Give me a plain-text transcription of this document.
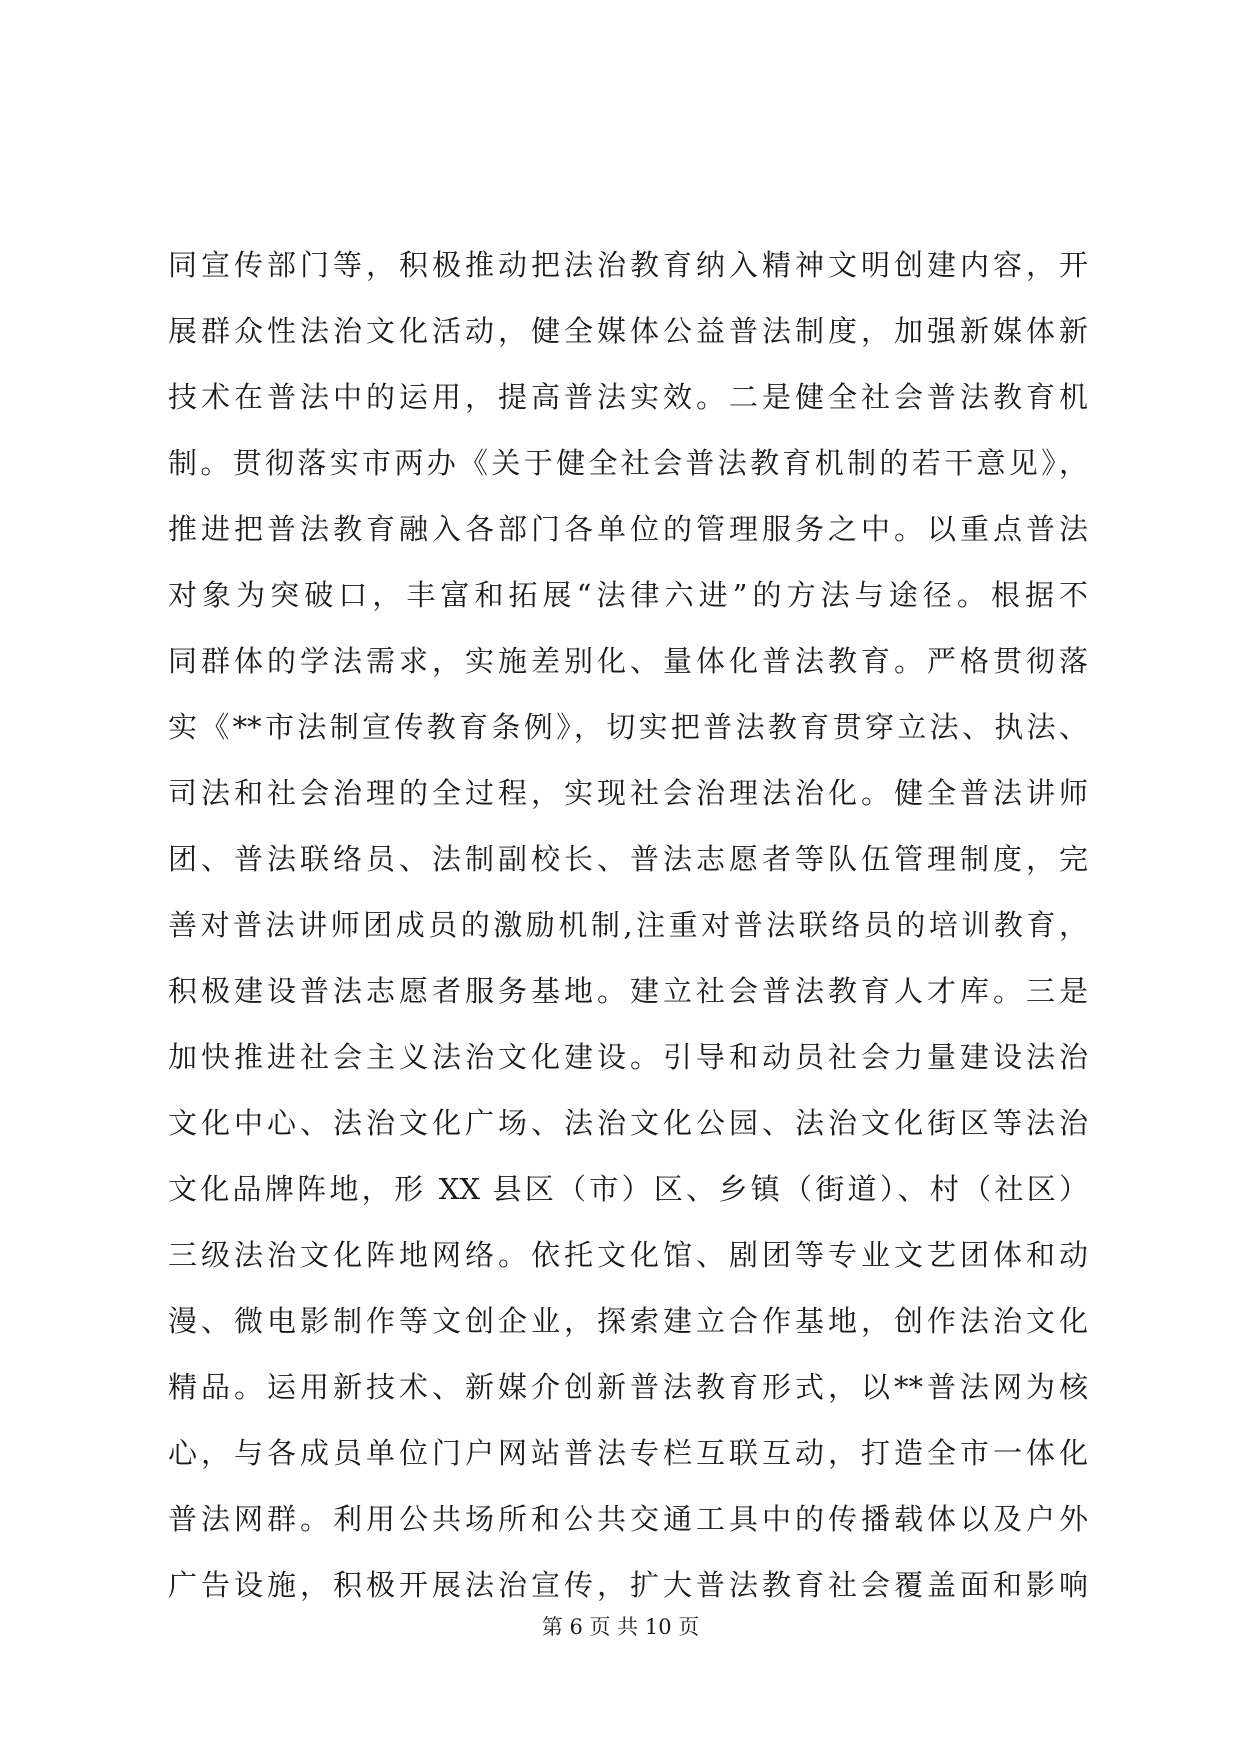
同宣传部门等，积极推动把法治教育纳入精神文明创建内容，开
展群众性法治文化活动，健全媒体公益普法制度，加强新媒体新
技术在普法中的运用，提高普法实效。二是健全社会普法教育机
制。贯彻落实市两办《关于健全社会普法教育机制的若干意见》，
推进把普法教育融入各部门各单位的管理服务之中。以重点普法
对象为突破口，丰富和拓展“法律六进”的方法与途径。根据不
同群体的学法需求，实施差别化、量体化普法教育。严格贯彻落
实《**市法制宣传教育条例》，切实把普法教育贯穿立法、执法、
司法和社会治理的全过程，实现社会治理法治化。健全普法讲师
团、普法联络员、法制副校长、普法志愿者等队伍管理制度，完
善对普法讲师团成员的激励机制,注重对普法联络员的培训教育，
积极建设普法志愿者服务基地。建立社会普法教育人才库。三是
加快推进社会主义法治文化建设。引导和动员社会力量建设法治
文化中心、法治文化广场、法治文化公园、法治文化街区等法治
文化品牌阵地，形 XX 县区（市）区、乡镇（街道）、村（社区）
三级法治文化阵地网络。依托文化馆、剧团等专业文艺团体和动
漫、微电影制作等文创企业，探索建立合作基地，创作法治文化
精品。运用新技术、新媒介创新普法教育形式，以**普法网为核
心，与各成员单位门户网站普法专栏互联互动，打造全市一体化
普法网群。利用公共场所和公共交通工具中的传播载体以及户外
广告设施，积极开展法治宣传，扩大普法教育社会覆盖面和影响
第 6 页 共 10 页
